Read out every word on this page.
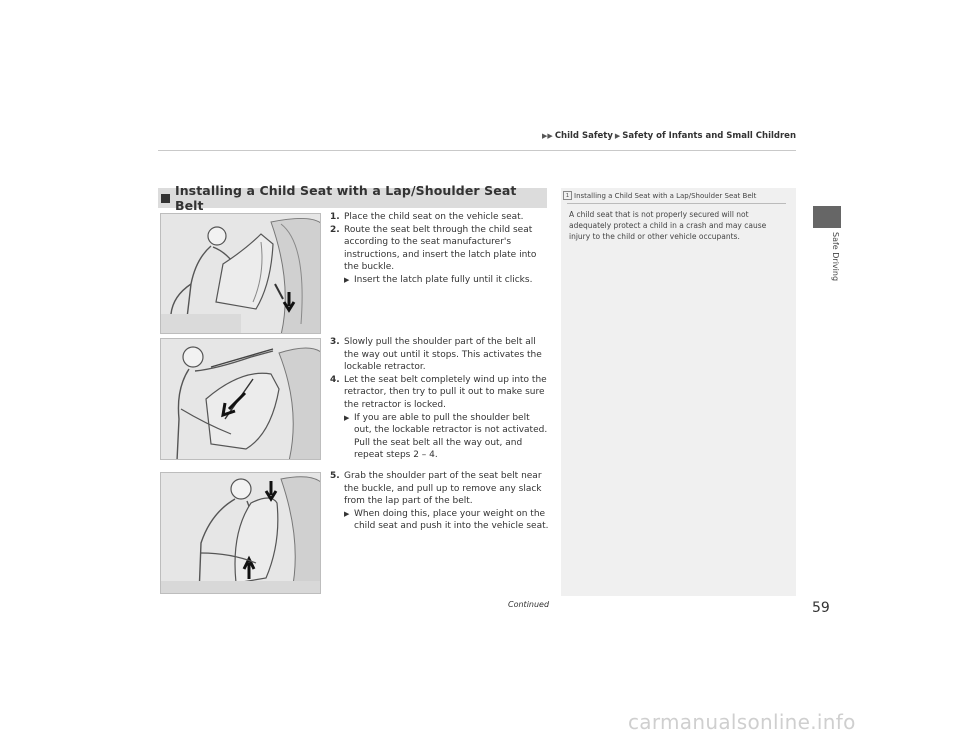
▶▶ Child Safety ▶ Safety of Infants and Small Children
Safe Driving
Installing a Child Seat with a Lap/Shoulder Seat Belt
1. Place the child seat on the vehicle seat.
2. Route the seat belt through the child seat according to the seat manufacturer's instructions, and insert the latch plate into the buckle.
▶ Insert the latch plate fully until it clicks.
3. Slowly pull the shoulder part of the belt all the way out until it stops. This activates the lockable retractor.
4. Let the seat belt completely wind up into the retractor, then try to pull it out to make sure the retractor is locked.
▶ If you are able to pull the shoulder belt out, the lockable retractor is not activated. Pull the seat belt all the way out, and repeat steps 2 – 4.
5. Grab the shoulder part of the seat belt near the buckle, and pull up to remove any slack from the lap part of the belt.
▶ When doing this, place your weight on the child seat and push it into the vehicle seat.
1 Installing a Child Seat with a Lap/Shoulder Seat Belt
A child seat that is not properly secured will not adequately protect a child in a crash and may cause injury to the child or other vehicle occupants.
Continued	59
carmanualsonline.info
